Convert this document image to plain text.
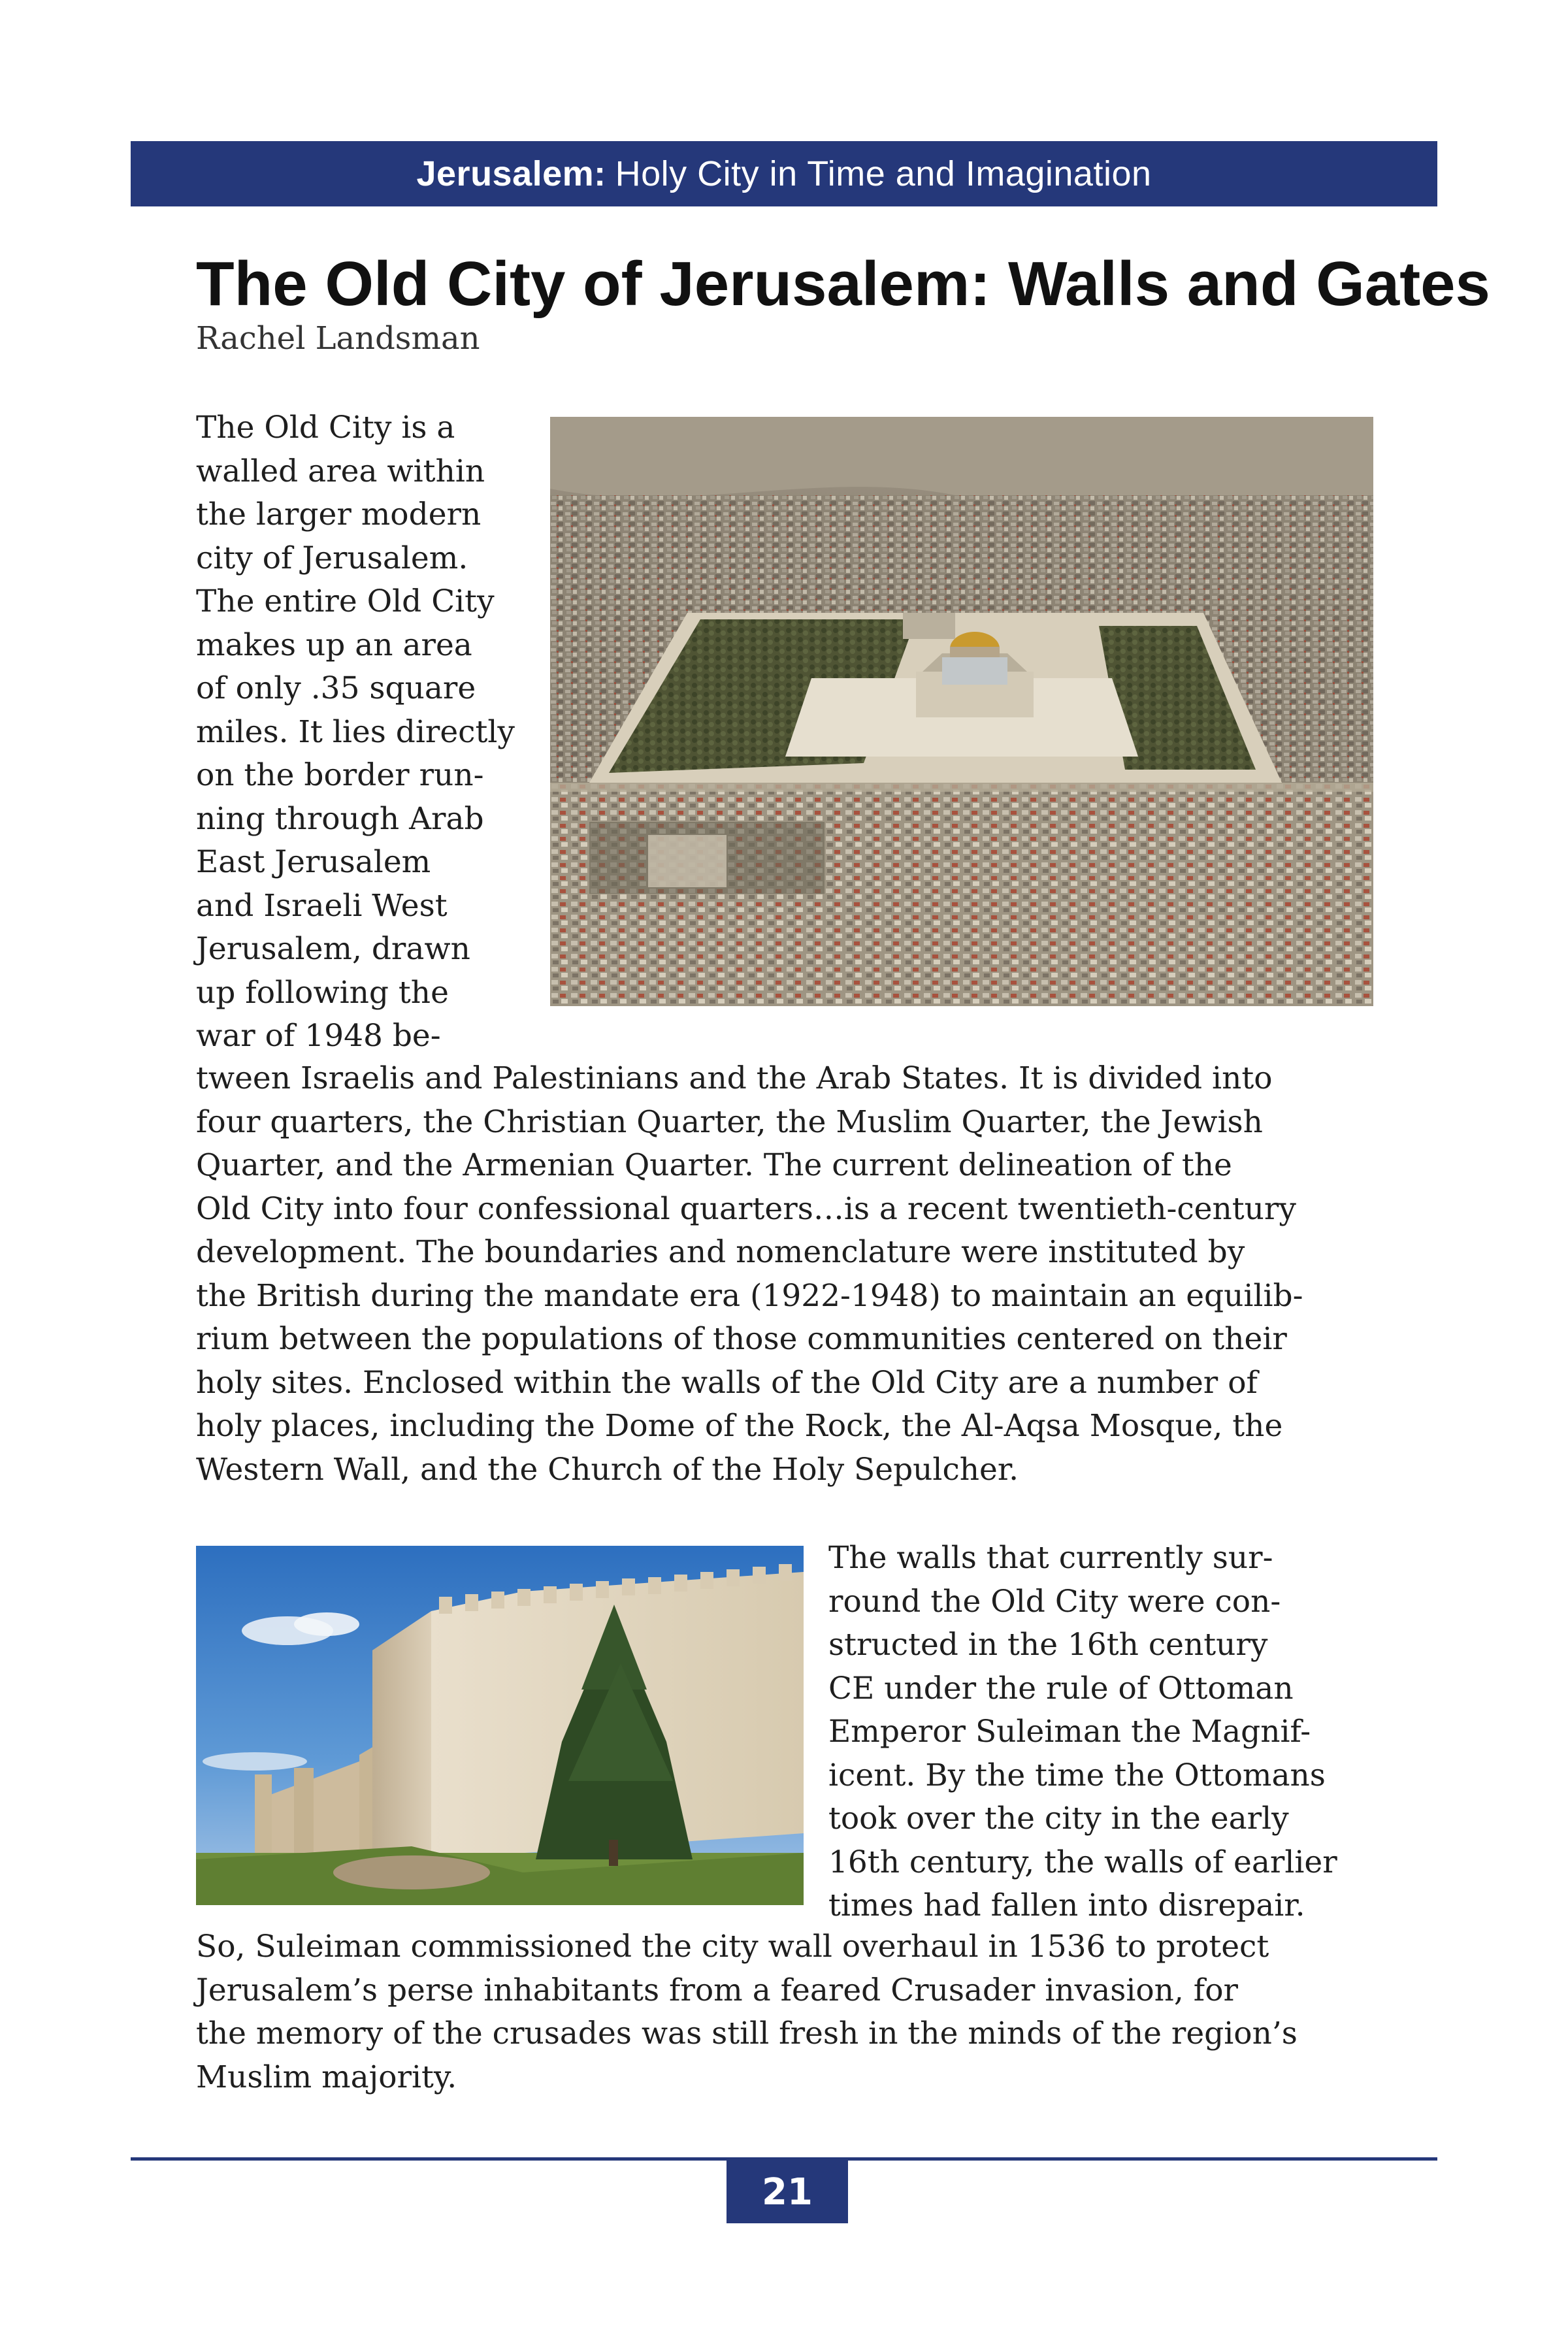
Jerusalem: Holy City in Time and Imagination
The Old City of Jerusalem: Walls and Gates
Rachel Landsman

The Old City is a
walled area within
the larger modern
city of Jerusalem.
The entire Old City
makes up an area
of only .35 square
miles. It lies directly
on the border run-
ning through Arab
East Jerusalem
and Israeli West
Jerusalem, drawn
up following the
war of 1948 be-

tween Israelis and Palestinians and the Arab States. It is divided into
four quarters, the Christian Quarter, the Muslim Quarter, the Jewish
Quarter, and the Armenian Quarter. The current delineation of the
Old City into four confessional quarters…is a recent twentieth-century
development. The boundaries and nomenclature were instituted by
the British during the mandate era (1922-1948) to maintain an equilib-
rium between the populations of those communities centered on their
holy sites. Enclosed within the walls of the Old City are a number of
holy places, including the Dome of the Rock, the Al-Aqsa Mosque, the
Western Wall, and the Church of the Holy Sepulcher.

The walls that currently sur-
round the Old City were con-
structed in the 16th century
CE under the rule of Ottoman
Emperor Suleiman the Magnif-
icent. By the time the Ottomans
took over the city in the early
16th century, the walls of earlier
times had fallen into disrepair.

So, Suleiman commissioned the city wall overhaul in 1536 to protect
Jerusalem’s perse inhabitants from a feared Crusader invasion, for
the memory of the crusades was still fresh in the minds of the region’s
Muslim majority.

21
